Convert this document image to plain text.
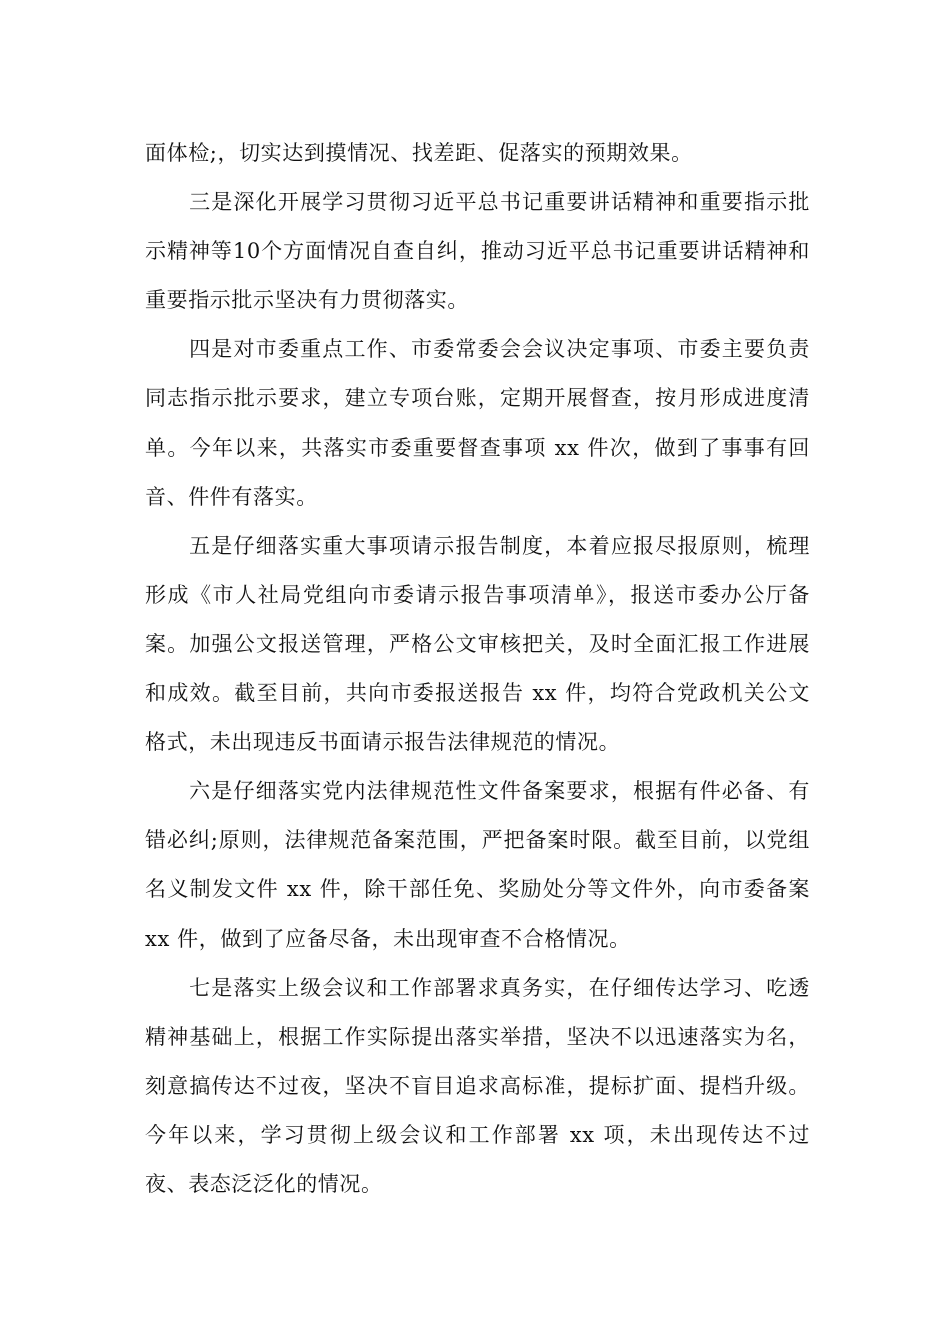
面体检;，切实达到摸情况、找差距、促落实的预期效果。

三是深化开展学习贯彻习近平总书记重要讲话精神和重要指示批示精神等10个方面情况自查自纠，推动习近平总书记重要讲话精神和重要指示批示坚决有力贯彻落实。

四是对市委重点工作、市委常委会会议决定事项、市委主要负责同志指示批示要求，建立专项台账，定期开展督查，按月形成进度清单。今年以来，共落实市委重要督查事项 xx 件次，做到了事事有回音、件件有落实。

五是仔细落实重大事项请示报告制度，本着应报尽报原则，梳理形成《市人社局党组向市委请示报告事项清单》，报送市委办公厅备案。加强公文报送管理，严格公文审核把关，及时全面汇报工作进展和成效。截至目前，共向市委报送报告 xx 件，均符合党政机关公文格式，未出现违反书面请示报告法律规范的情况。

六是仔细落实党内法律规范性文件备案要求，根据有件必备、有错必纠;原则，法律规范备案范围，严把备案时限。截至目前，以党组名义制发文件 xx 件，除干部任免、奖励处分等文件外，向市委备案 xx 件，做到了应备尽备，未出现审查不合格情况。

七是落实上级会议和工作部署求真务实，在仔细传达学习、吃透精神基础上，根据工作实际提出落实举措，坚决不以迅速落实为名，刻意搞传达不过夜，坚决不盲目追求高标准，提标扩面、提档升级。今年以来，学习贯彻上级会议和工作部署 xx 项，未出现传达不过夜、表态泛泛化的情况。
